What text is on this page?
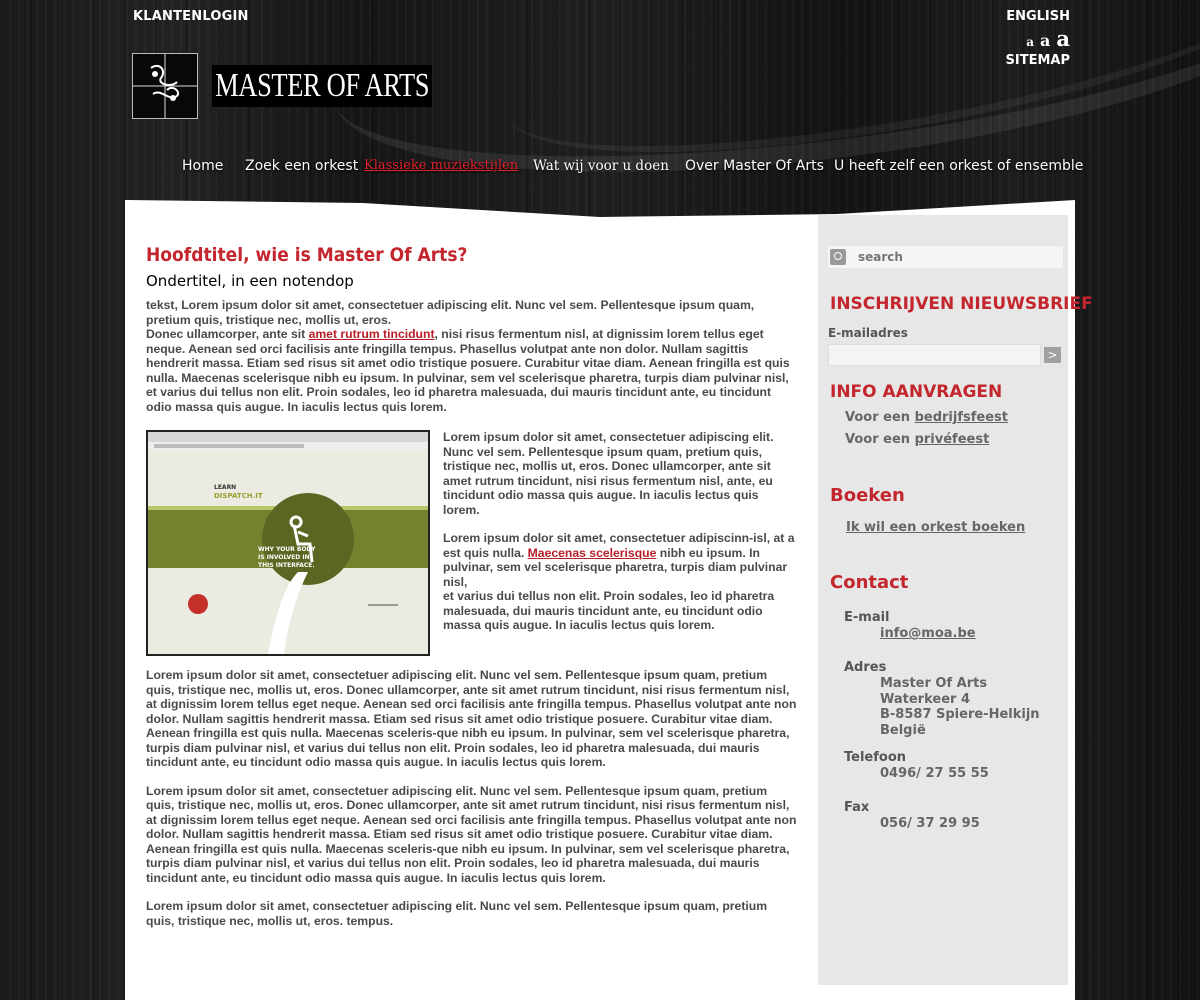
KLANTENLOGIN	ENGLISH
a a a
SITEMAP
MASTER OF ARTS
Home Zoek een orkest Klassieke muziekstijlen Wat wij voor u doen Over Master Of Arts U heeft zelf een orkest of ensemble
Hoofdtitel, wie is Master Of Arts?
Ondertitel, in een notendop

tekst, Lorem ipsum dolor sit amet, consectetuer adipiscing elit. Nunc vel sem. Pellentesque ipsum quam, pretium quis, tristique nec, mollis ut, eros.
Donec ullamcorper, ante sit amet rutrum tincidunt, nisi risus fermentum nisl, at dignissim lorem tellus eget neque. Aenean sed orci facilisis ante fringilla tempus. Phasellus volutpat ante non dolor. Nullam sagittis hendrerit massa. Etiam sed risus sit amet odio tristique posuere. Curabitur vitae diam. Aenean fringilla est quis nulla. Maecenas scelerisque nibh eu ipsum. In pulvinar, sem vel scelerisque pharetra, turpis diam pulvinar nisl, et varius dui tellus non elit. Proin sodales, leo id pharetra malesuada, dui mauris tincidunt ante, eu tincidunt odio massa quis augue. In iaculis lectus quis lorem.

LEARN
DISPATCH.IT
WHY YOUR BODY IS INVOLVED IN THIS INTERFACE.

Lorem ipsum dolor sit amet, consectetuer adipiscing elit. Nunc vel sem. Pellentesque ipsum quam, pretium quis, tristique nec, mollis ut, eros. Donec ullamcorper, ante sit amet rutrum tincidunt, nisi risus fermentum nisl, ante, eu tincidunt odio massa quis augue. In iaculis lectus quis lorem.

Lorem ipsum dolor sit amet, consectetuer adipiscinn-isl, at a est quis nulla. Maecenas scelerisque nibh eu ipsum. In pulvinar, sem vel scelerisque pharetra, turpis diam pulvinar nisl,
et varius dui tellus non elit. Proin sodales, leo id pharetra malesuada, dui mauris tincidunt ante, eu tincidunt odio massa quis augue. In iaculis lectus quis lorem.

Lorem ipsum dolor sit amet, consectetuer adipiscing elit. Nunc vel sem. Pellentesque ipsum quam, pretium quis, tristique nec, mollis ut, eros. Donec ullamcorper, ante sit amet rutrum tincidunt, nisi risus fermentum nisl, at dignissim lorem tellus eget neque. Aenean sed orci facilisis ante fringilla tempus. Phasellus volutpat ante non dolor. Nullam sagittis hendrerit massa. Etiam sed risus sit amet odio tristique posuere. Curabitur vitae diam. Aenean fringilla est quis nulla. Maecenas sceleris-que nibh eu ipsum. In pulvinar, sem vel scelerisque pharetra, turpis diam pulvinar nisl, et varius dui tellus non elit. Proin sodales, leo id pharetra malesuada, dui mauris tincidunt ante, eu tincidunt odio massa quis augue. In iaculis lectus quis lorem.

Lorem ipsum dolor sit amet, consectetuer adipiscing elit. Nunc vel sem. Pellentesque ipsum quam, pretium quis, tristique nec, mollis ut, eros. Donec ullamcorper, ante sit amet rutrum tincidunt, nisi risus fermentum nisl, at dignissim lorem tellus eget neque. Aenean sed orci facilisis ante fringilla tempus. Phasellus volutpat ante non dolor. Nullam sagittis hendrerit massa. Etiam sed risus sit amet odio tristique posuere. Curabitur vitae diam. Aenean fringilla est quis nulla. Maecenas sceleris-que nibh eu ipsum. In pulvinar, sem vel scelerisque pharetra, turpis diam pulvinar nisl, et varius dui tellus non elit. Proin sodales, leo id pharetra malesuada, dui mauris tincidunt ante, eu tincidunt odio massa quis augue. In iaculis lectus quis lorem.

Lorem ipsum dolor sit amet, consectetuer adipiscing elit. Nunc vel sem. Pellentesque ipsum quam, pretium quis, tristique nec, mollis ut, eros. tempus.

search
INSCHRIJVEN NIEUWSBRIEF
E-mailadres
>
INFO AANVRAGEN
Voor een bedrijfsfeest
Voor een privéfeest
Boeken
Ik wil een orkest boeken
Contact
E-mail
info@moa.be
Adres
Master Of Arts
Waterkeer 4
B-8587 Spiere-Helkijn
België
Telefoon
0496/ 27 55 55
Fax
056/ 37 29 95
